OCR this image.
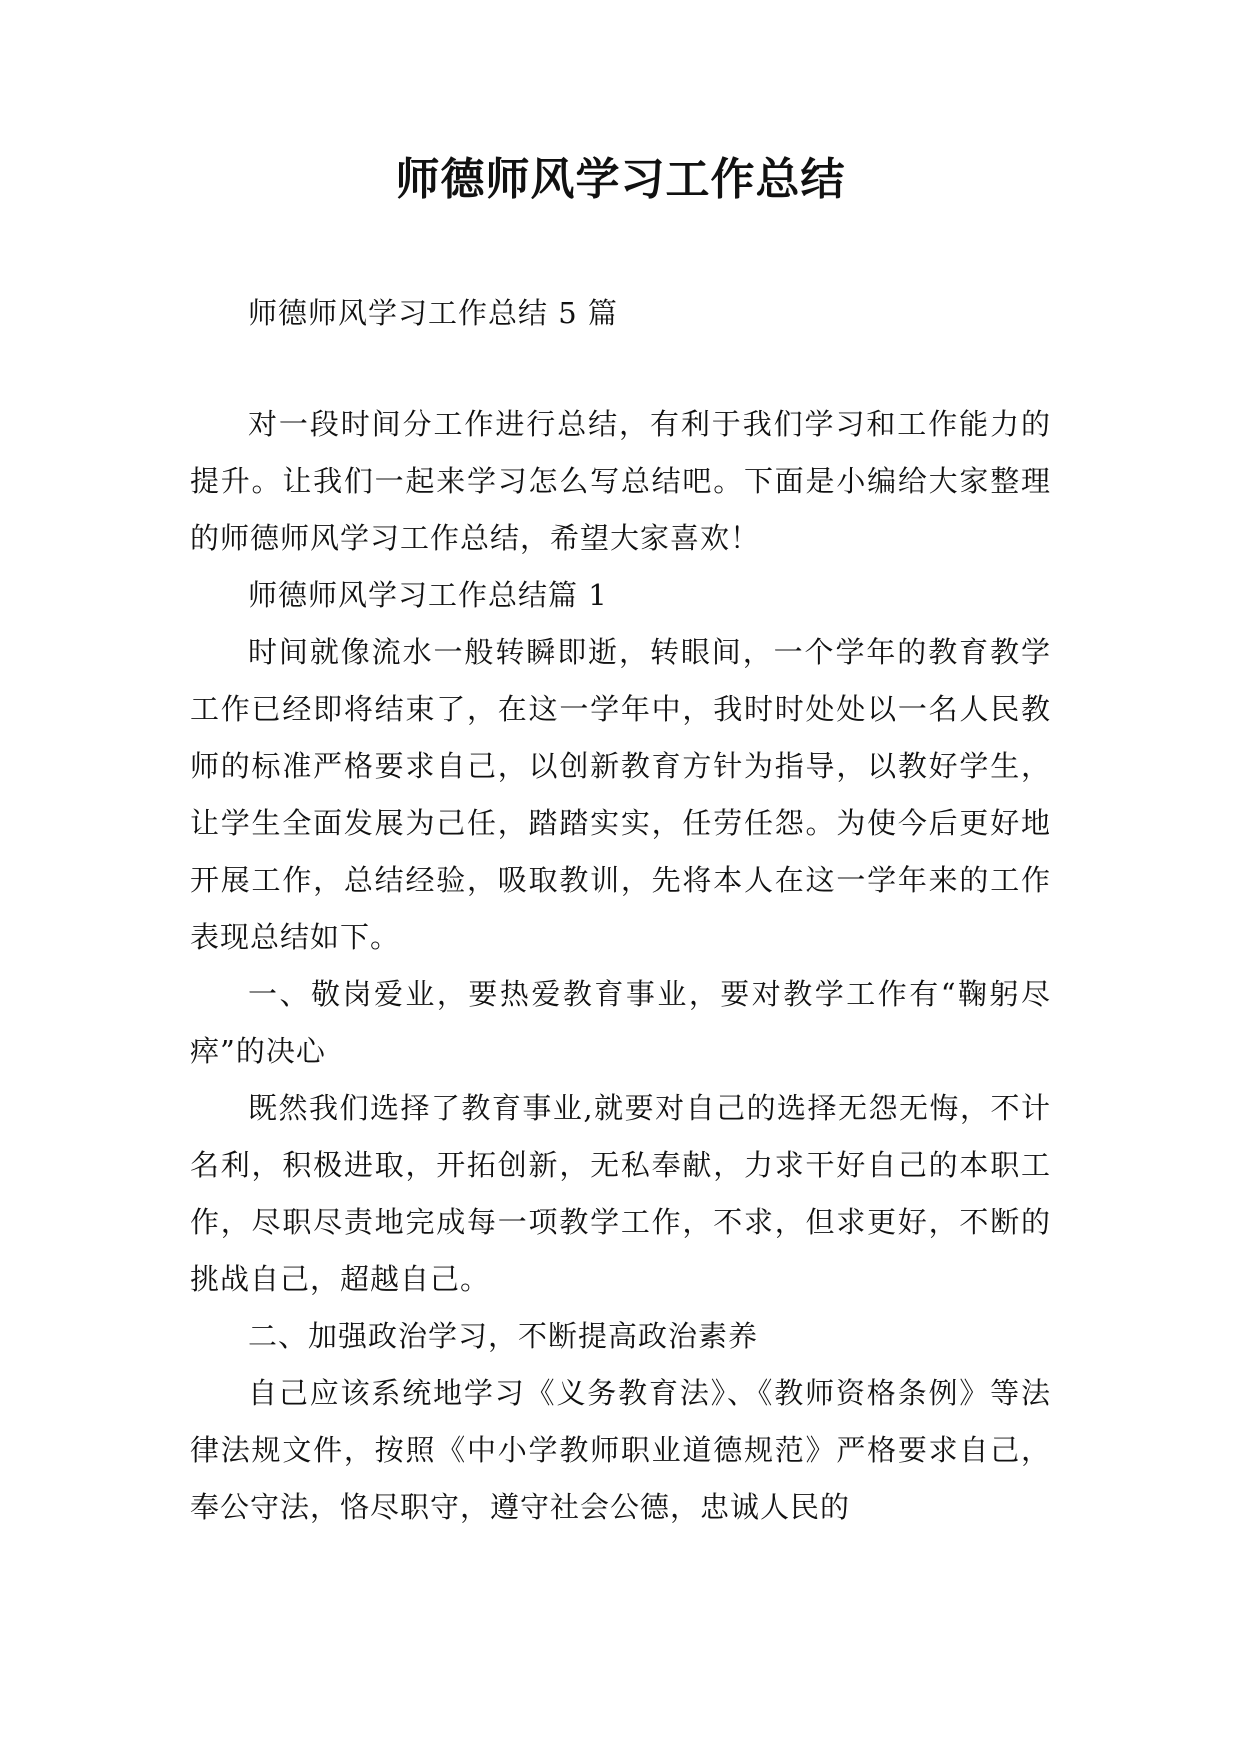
师德师风学习工作总结

师德师风学习工作总结 5 篇

对一段时间分工作进行总结，有利于我们学习和工作能力的提升。让我们一起来学习怎么写总结吧。下面是小编给大家整理的师德师风学习工作总结，希望大家喜欢！

师德师风学习工作总结篇 1

时间就像流水一般转瞬即逝，转眼间，一个学年的教育教学工作已经即将结束了，在这一学年中，我时时处处以一名人民教师的标准严格要求自己，以创新教育方针为指导，以教好学生，让学生全面发展为己任，踏踏实实，任劳任怨。为使今后更好地开展工作，总结经验，吸取教训，先将本人在这一学年来的工作表现总结如下。

一、敬岗爱业，要热爱教育事业，要对教学工作有“鞠躬尽瘁”的决心

既然我们选择了教育事业,就要对自己的选择无怨无悔，不计名利，积极进取，开拓创新，无私奉献，力求干好自己的本职工作，尽职尽责地完成每一项教学工作，不求，但求更好，不断的挑战自己，超越自己。

二、加强政治学习，不断提高政治素养

自己应该系统地学习《义务教育法》、《教师资格条例》等法律法规文件，按照《中小学教师职业道德规范》严格要求自己，奉公守法，恪尽职守，遵守社会公德，忠诚人民的
